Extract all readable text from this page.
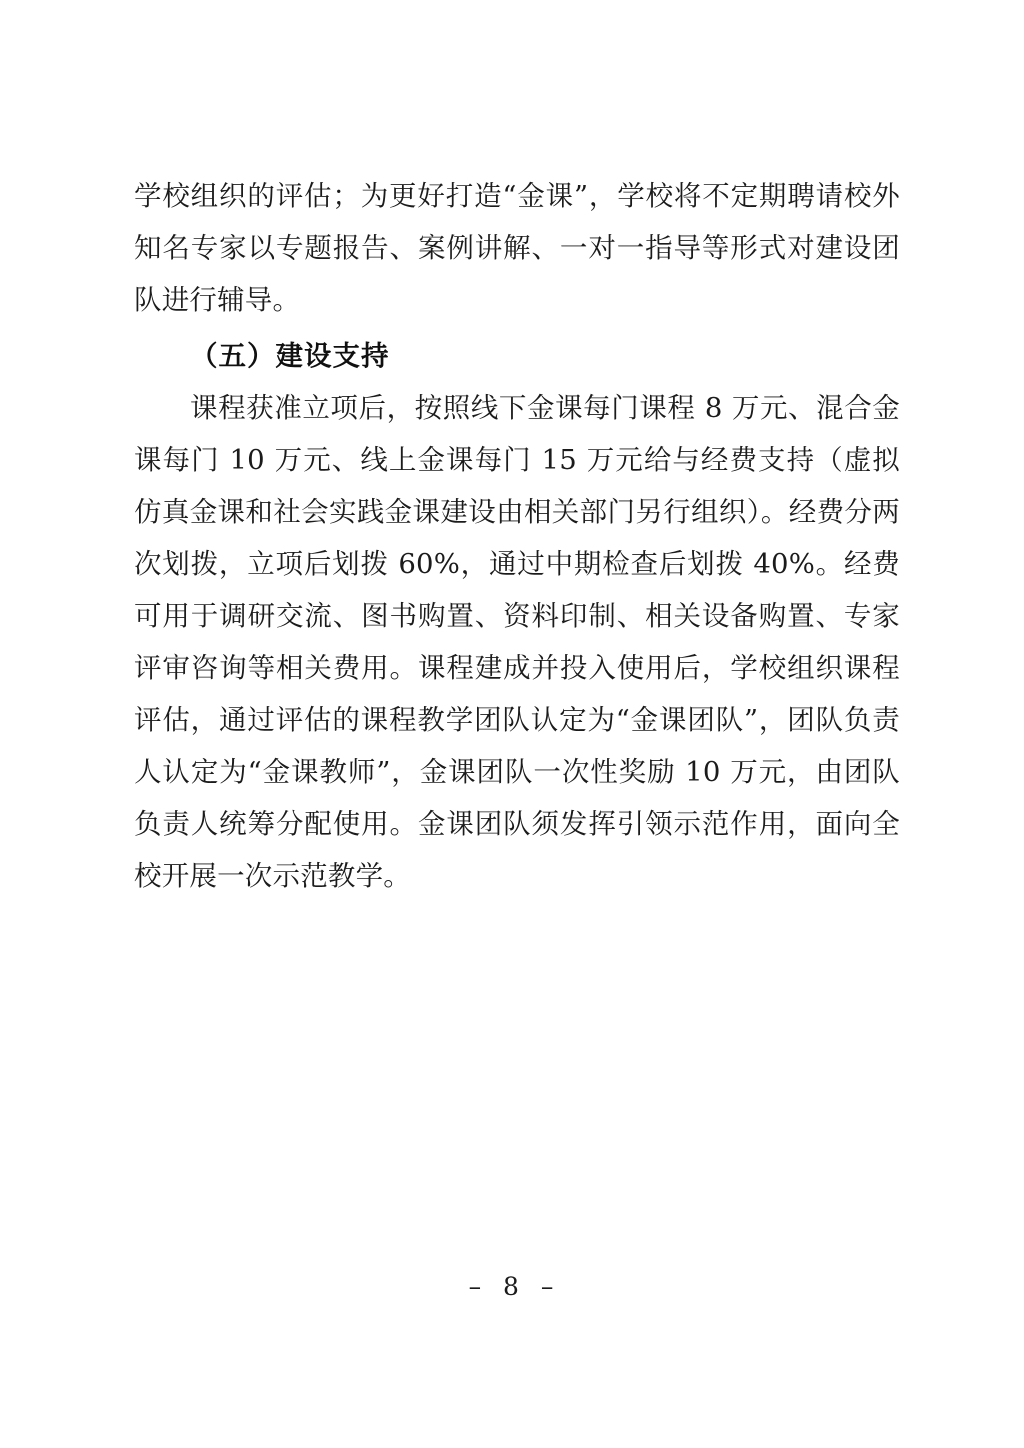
学校组织的评估；为更好打造“金课”，学校将不定期聘请校外知名专家以专题报告、案例讲解、一对一指导等形式对建设团队进行辅导。

（五）建设支持

课程获准立项后，按照线下金课每门课程 8 万元、混合金课每门 10 万元、线上金课每门 15 万元给与经费支持（虚拟仿真金课和社会实践金课建设由相关部门另行组织）。经费分两次划拨，立项后划拨 60%，通过中期检查后划拨 40%。经费可用于调研交流、图书购置、资料印制、相关设备购置、专家评审咨询等相关费用。课程建成并投入使用后，学校组织课程评估，通过评估的课程教学团队认定为“金课团队”，团队负责人认定为“金课教师”，金课团队一次性奖励 10 万元，由团队负责人统筹分配使用。金课团队须发挥引领示范作用，面向全校开展一次示范教学。

– 8 –
